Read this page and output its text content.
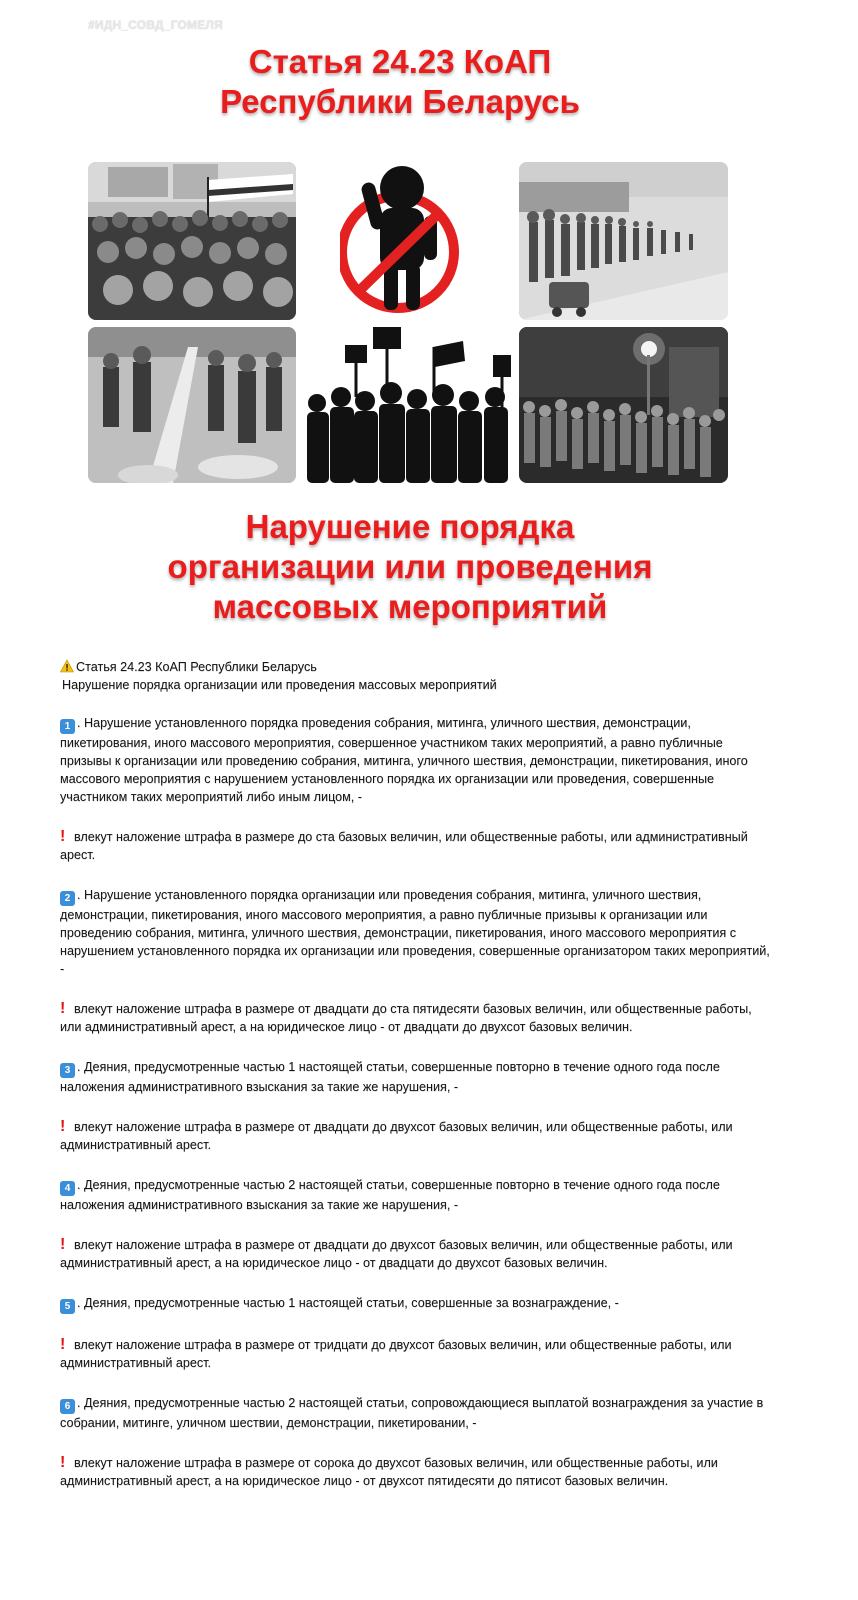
#ИДН_СОВД_ГОМЕЛЯ
Статья 24.23 КоАП
Республики Беларусь
Нарушение порядка
организации или проведения
массовых мероприятий
Статья 24.23 КоАП Республики Беларусь
Нарушение порядка организации или проведения массовых мероприятий
1 . Нарушение установленного порядка проведения собрания, митинга, уличного шествия, демонстрации, пикетирования, иного массового мероприятия, совершенное участником таких мероприятий, а равно публичные призывы к организации или проведению собрания, митинга, уличного шествия, демонстрации, пикетирования, иного массового мероприятия с нарушением установленного порядка их организации или проведения, совершенные участником таких мероприятий либо иным лицом, -
! влекут наложение штрафа в размере до ста базовых величин, или общественные работы, или административный арест.
2 . Нарушение установленного порядка организации или проведения собрания, митинга, уличного шествия, демонстрации, пикетирования, иного массового мероприятия, а равно публичные призывы к организации или проведению собрания, митинга, уличного шествия, демонстрации, пикетирования, иного массового мероприятия с нарушением установленного порядка их организации или проведения, совершенные организатором таких мероприятий, -
! влекут наложение штрафа в размере от двадцати до ста пятидесяти базовых величин, или общественные работы, или административный арест, а на юридическое лицо - от двадцати до двухсот базовых величин.
3 . Деяния, предусмотренные частью 1 настоящей статьи, совершенные повторно в течение одного года после наложения административного взыскания за такие же нарушения, -
! влекут наложение штрафа в размере от двадцати до двухсот базовых величин, или общественные работы, или административный арест.
4 . Деяния, предусмотренные частью 2 настоящей статьи, совершенные повторно в течение одного года после наложения административного взыскания за такие же нарушения, -
! влекут наложение штрафа в размере от двадцати до двухсот базовых величин, или общественные работы, или административный арест, а на юридическое лицо - от двадцати до двухсот базовых величин.
5 . Деяния, предусмотренные частью 1 настоящей статьи, совершенные за вознаграждение, -
! влекут наложение штрафа в размере от тридцати до двухсот базовых величин, или общественные работы, или административный арест.
6 . Деяния, предусмотренные частью 2 настоящей статьи, сопровождающиеся выплатой вознаграждения за участие в собрании, митинге, уличном шествии, демонстрации, пикетировании, -
! влекут наложение штрафа в размере от сорока до двухсот базовых величин, или общественные работы, или административный арест, а на юридическое лицо - от двухсот пятидесяти до пятисот базовых величин.
